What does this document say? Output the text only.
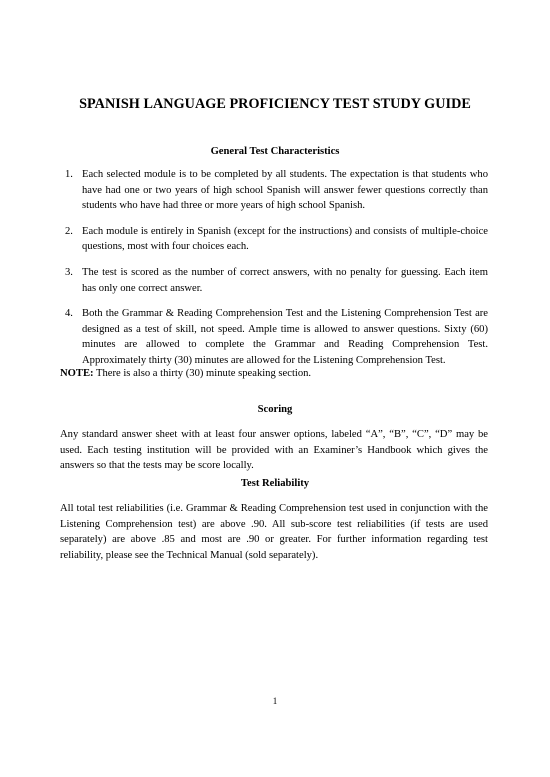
SPANISH LANGUAGE PROFICIENCY TEST STUDY GUIDE
General Test Characteristics
1. Each selected module is to be completed by all students. The expectation is that students who have had one or two years of high school Spanish will answer fewer questions correctly than students who have had three or more years of high school Spanish.
2. Each module is entirely in Spanish (except for the instructions) and consists of multiple-choice questions, most with four choices each.
3. The test is scored as the number of correct answers, with no penalty for guessing. Each item has only one correct answer.
4. Both the Grammar & Reading Comprehension Test and the Listening Comprehension Test are designed as a test of skill, not speed. Ample time is allowed to answer questions. Sixty (60) minutes are allowed to complete the Grammar and Reading Comprehension Test. Approximately thirty (30) minutes are allowed for the Listening Comprehension Test.
NOTE: There is also a thirty (30) minute speaking section.
Scoring

Any standard answer sheet with at least four answer options, labeled “A”, “B”, “C”, “D” may be used. Each testing institution will be provided with an Examiner’s Handbook which gives the answers so that the tests may be score locally.

Test Reliability

All total test reliabilities (i.e. Grammar & Reading Comprehension test used in conjunction with the Listening Comprehension test) are above .90. All sub-score test reliabilities (if tests are used separately) are above .85 and most are .90 or greater. For further information regarding test reliability, please see the Technical Manual (sold separately).

1
